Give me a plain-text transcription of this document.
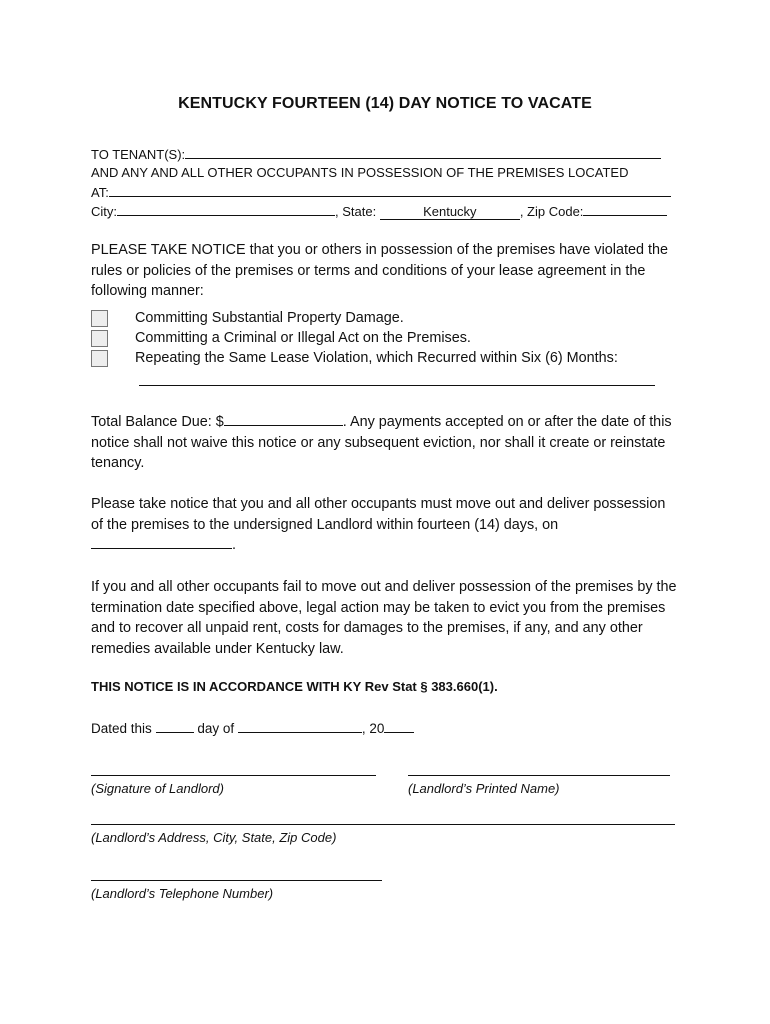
KENTUCKY FOURTEEN (14) DAY NOTICE TO VACATE
TO TENANT(S):
AND ANY AND ALL OTHER OCCUPANTS IN POSSESSION OF THE PREMISES LOCATED
AT:
City:	, State:	Kentucky	, Zip Code:
PLEASE TAKE NOTICE that you or others in possession of the premises have violated the rules or policies of the premises or terms and conditions of your lease agreement in the following manner:
Committing Substantial Property Damage.
Committing a Criminal or Illegal Act on the Premises.
Repeating the Same Lease Violation, which Recurred within Six (6) Months:
Total Balance Due: $	. Any payments accepted on or after the date of this notice shall not waive this notice or any subsequent eviction, nor shall it create or reinstate tenancy.
Please take notice that you and all other occupants must move out and deliver possession of the premises to the undersigned Landlord within fourteen (14) days, on
.
If you and all other occupants fail to move out and deliver possession of the premises by the termination date specified above, legal action may be taken to evict you from the premises and to recover all unpaid rent, costs for damages to the premises, if any, and any other remedies available under Kentucky law.
THIS NOTICE IS IN ACCORDANCE WITH KY Rev Stat § 383.660(1).
Dated this	day of	, 20
(Signature of Landlord)	(Landlord’s Printed Name)
(Landlord’s Address, City, State, Zip Code)
(Landlord’s Telephone Number)
